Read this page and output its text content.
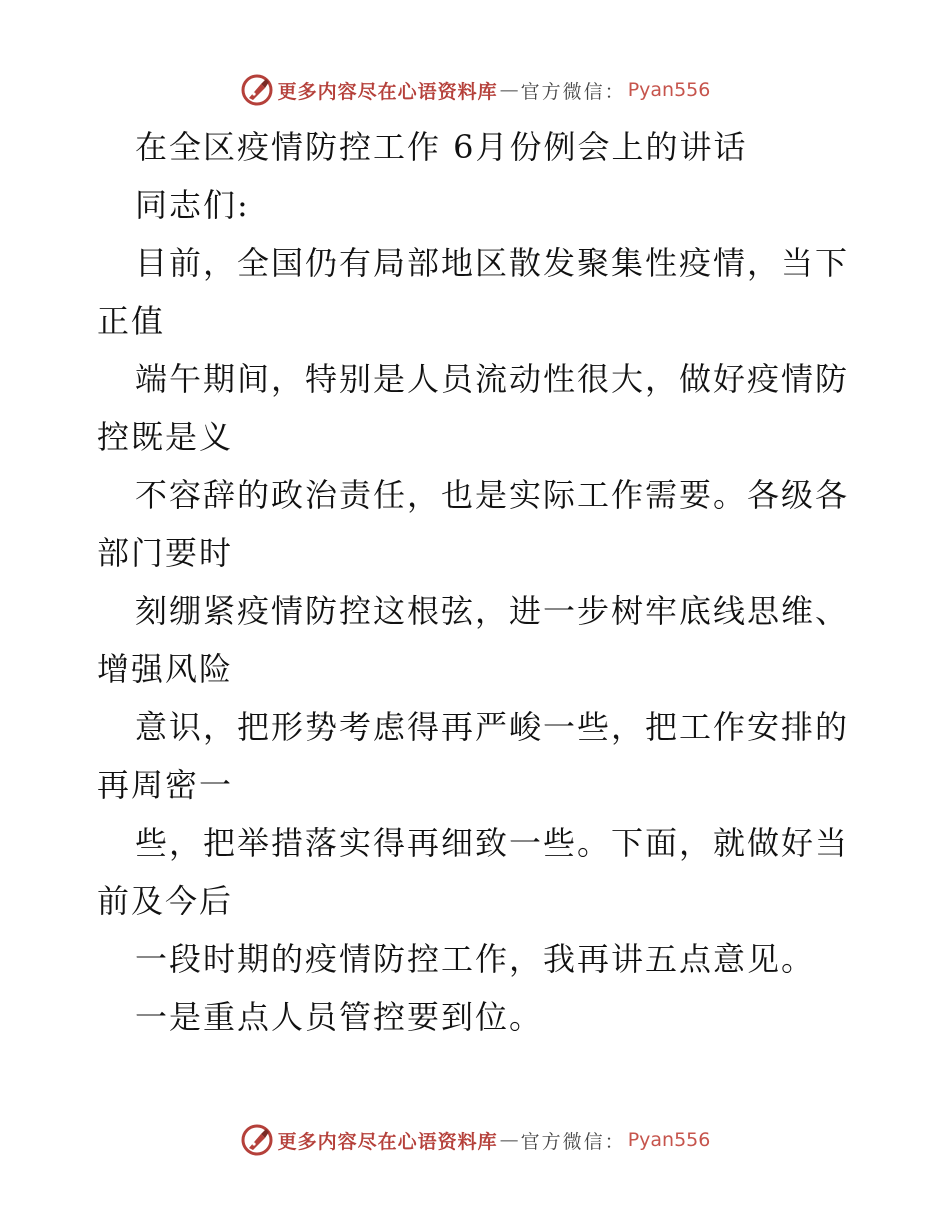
更多内容尽在心语资料库 — 官方微信： Pyan556
在全区疫情防控工作 6月份例会上的讲话
同志们:
目前，全国仍有局部地区散发聚集性疫情，当下
正值
端午期间，特别是人员流动性很大，做好疫情防
控既是义
不容辞的政治责任，也是实际工作需要。各级各
部门要时
刻绷紧疫情防控这根弦，进一步树牢底线思维、
增强风险
意识，把形势考虑得再严峻一些，把工作安排的
再周密一
些，把举措落实得再细致一些。下面，就做好当
前及今后
一段时期的疫情防控工作，我再讲五点意见。
一是重点人员管控要到位。
更多内容尽在心语资料库 — 官方微信： Pyan556
